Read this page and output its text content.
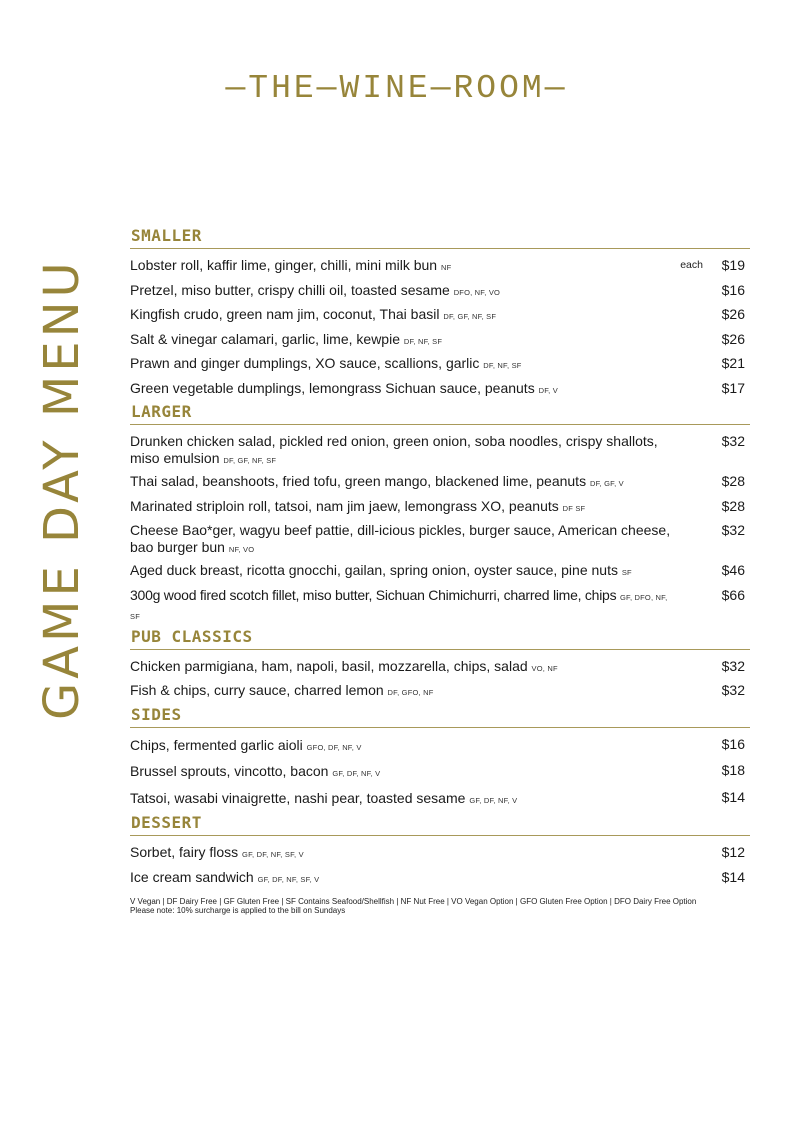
—THE—WINE—ROOM—
GAME DAY MENU
SMALLER
Lobster roll, kaffir lime, ginger, chilli, mini milk bun NF	each $19
Pretzel, miso butter, crispy chilli oil, toasted sesame DFO, NF, VO	$16
Kingfish crudo, green nam jim, coconut, Thai basil DF, GF, NF, SF	$26
Salt & vinegar calamari, garlic, lime, kewpie DF, NF, SF	$26
Prawn and ginger dumplings, XO sauce, scallions, garlic DF, NF, SF	$21
Green vegetable dumplings, lemongrass Sichuan sauce, peanuts DF, V	$17
LARGER
Drunken chicken salad, pickled red onion, green onion, soba noodles, crispy shallots, miso emulsion DF, GF, NF, SF
$32
Thai salad, beanshoots, fried tofu, green mango, blackened lime, peanuts DF, GF, V	$28
Marinated striploin roll, tatsoi, nam jim jaew, lemongrass XO, peanuts DF SF	$28
Cheese Bao*ger, wagyu beef pattie, dill-icious pickles, burger sauce, American cheese, bao burger bun NF, VO
$32
Aged duck breast, ricotta gnocchi, gailan, spring onion, oyster sauce, pine nuts SF	$46
300g wood fired scotch fillet, miso butter, Sichuan Chimichurri, charred lime, chips GF, DFO, NF, SF
$66
PUB CLASSICS
Chicken parmigiana, ham, napoli, basil, mozzarella, chips, salad VO, NF	$32
Fish & chips, curry sauce, charred lemon DF, GFO, NF	$32
SIDES
Chips, fermented garlic aioli GFO, DF, NF, V	$16
Brussel sprouts, vincotto, bacon GF, DF, NF, V	$18
Tatsoi, wasabi vinaigrette, nashi pear, toasted sesame GF, DF, NF, V	$14
DESSERT
Sorbet, fairy floss GF, DF, NF, SF, V	$12
Ice cream sandwich GF, DF, NF, SF, V	$14
V Vegan | DF Dairy Free | GF Gluten Free | SF Contains Seafood/Shellfish | NF Nut Free | VO Vegan Option | GFO Gluten Free Option | DFO Dairy Free Option
Please note: 10% surcharge is applied to the bill on Sundays
